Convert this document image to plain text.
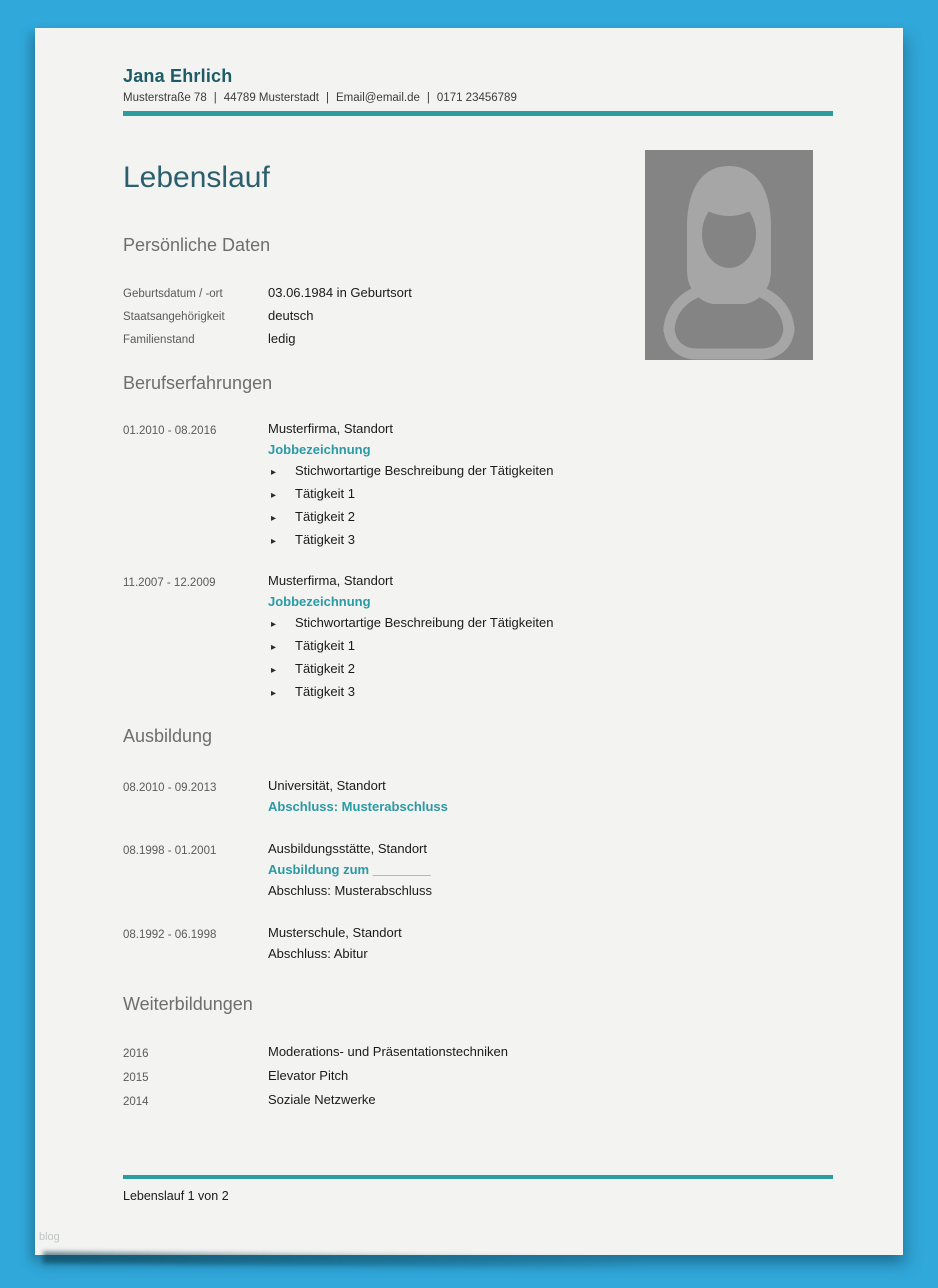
Jana Ehrlich
Musterstraße 78 | 44789 Musterstadt | Email@email.de | 0171 23456789
Lebenslauf
Persönliche Daten
Geburtsdatum / -ort	03.06.1984 in Geburtsort
Staatsangehörigkeit	deutsch
Familienstand	ledig
Berufserfahrungen
01.2010 - 08.2016	Musterfirma, Standort
Jobbezeichnung
▸	Stichwortartige Beschreibung der Tätigkeiten
▸	Tätigkeit 1
▸	Tätigkeit 2
▸	Tätigkeit 3
11.2007 - 12.2009	Musterfirma, Standort
Jobbezeichnung
▸	Stichwortartige Beschreibung der Tätigkeiten
▸	Tätigkeit 1
▸	Tätigkeit 2
▸	Tätigkeit 3
Ausbildung
08.2010 - 09.2013	Universität, Standort
Abschluss: Musterabschluss
08.1998 - 01.2001	Ausbildungsstätte, Standort
Ausbildung zum ________
Abschluss: Musterabschluss
08.1992 - 06.1998	Musterschule, Standort
Abschluss: Abitur
Weiterbildungen
2016	Moderations- und Präsentationstechniken
2015	Elevator Pitch
2014	Soziale Netzwerke
Lebenslauf 1 von 2
blog
